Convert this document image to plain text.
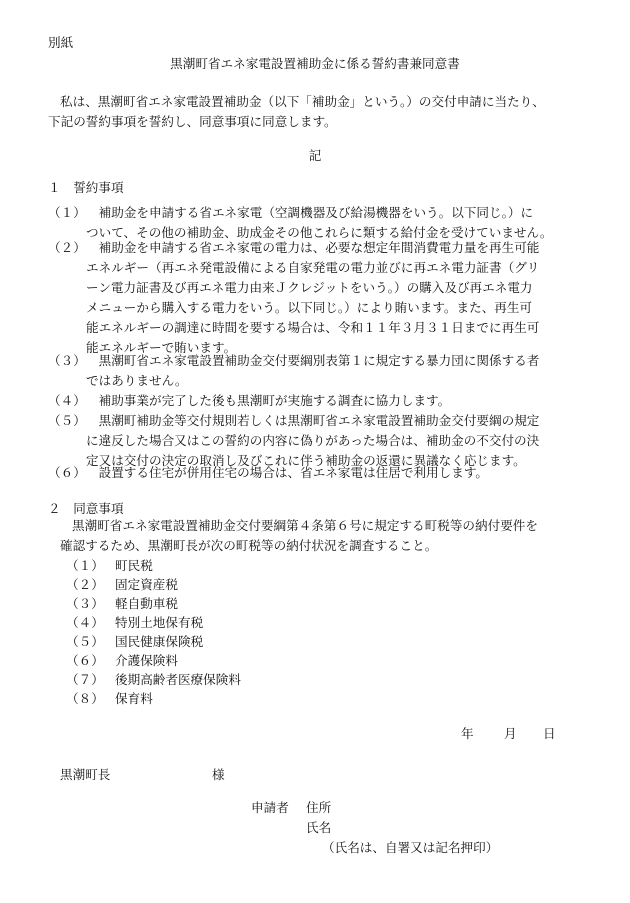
別紙
黒潮町省エネ家電設置補助金に係る誓約書兼同意書
私は、黒潮町省エネ家電設置補助金（以下「補助金」という。）の交付申請に当たり、
下記の誓約事項を誓約し、同意事項に同意します。
記
１　誓約事項
（１） 　補助金を申請する省エネ家電（空調機器及び給湯機器をいう。以下同じ。）に
ついて、その他の補助金、助成金その他これらに類する給付金を受けていません。
（２） 　補助金を申請する省エネ家電の電力は、必要な想定年間消費電力量を再生可能
エネルギー（再エネ発電設備による自家発電の電力並びに再エネ電力証書（グリ
ーン電力証書及び再エネ電力由来Ｊクレジットをいう。）の購入及び再エネ電力
メニューから購入する電力をいう。以下同じ。）により賄います。また、再生可
能エネルギーの調達に時間を要する場合は、令和１１年３月３１日までに再生可
能エネルギーで賄います。
（３） 　黒潮町省エネ家電設置補助金交付要綱別表第１に規定する暴力団に関係する者
ではありません。
（４） 　補助事業が完了した後も黒潮町が実施する調査に協力します。
（５） 　黒潮町補助金等交付規則若しくは黒潮町省エネ家電設置補助金交付要綱の規定
に違反した場合又はこの誓約の内容に偽りがあった場合は、補助金の不交付の決
定又は交付の決定の取消し及びこれに伴う補助金の返還に異議なく応じます。
（６） 　設置する住宅が併用住宅の場合は、省エネ家電は住居で利用します。
２　同意事項
黒潮町省エネ家電設置補助金交付要綱第４条第６号に規定する町税等の納付要件を
確認するため、黒潮町長が次の町税等の納付状況を調査すること。
（１） 町民税
（２） 固定資産税
（３） 軽自動車税
（４） 特別土地保有税
（５） 国民健康保険税
（６） 介護保険料
（７） 後期高齢者医療保険料
（８） 保育料
年 月 日
黒潮町長	様
申請者 住所
氏名
（氏名は、自署又は記名押印）
